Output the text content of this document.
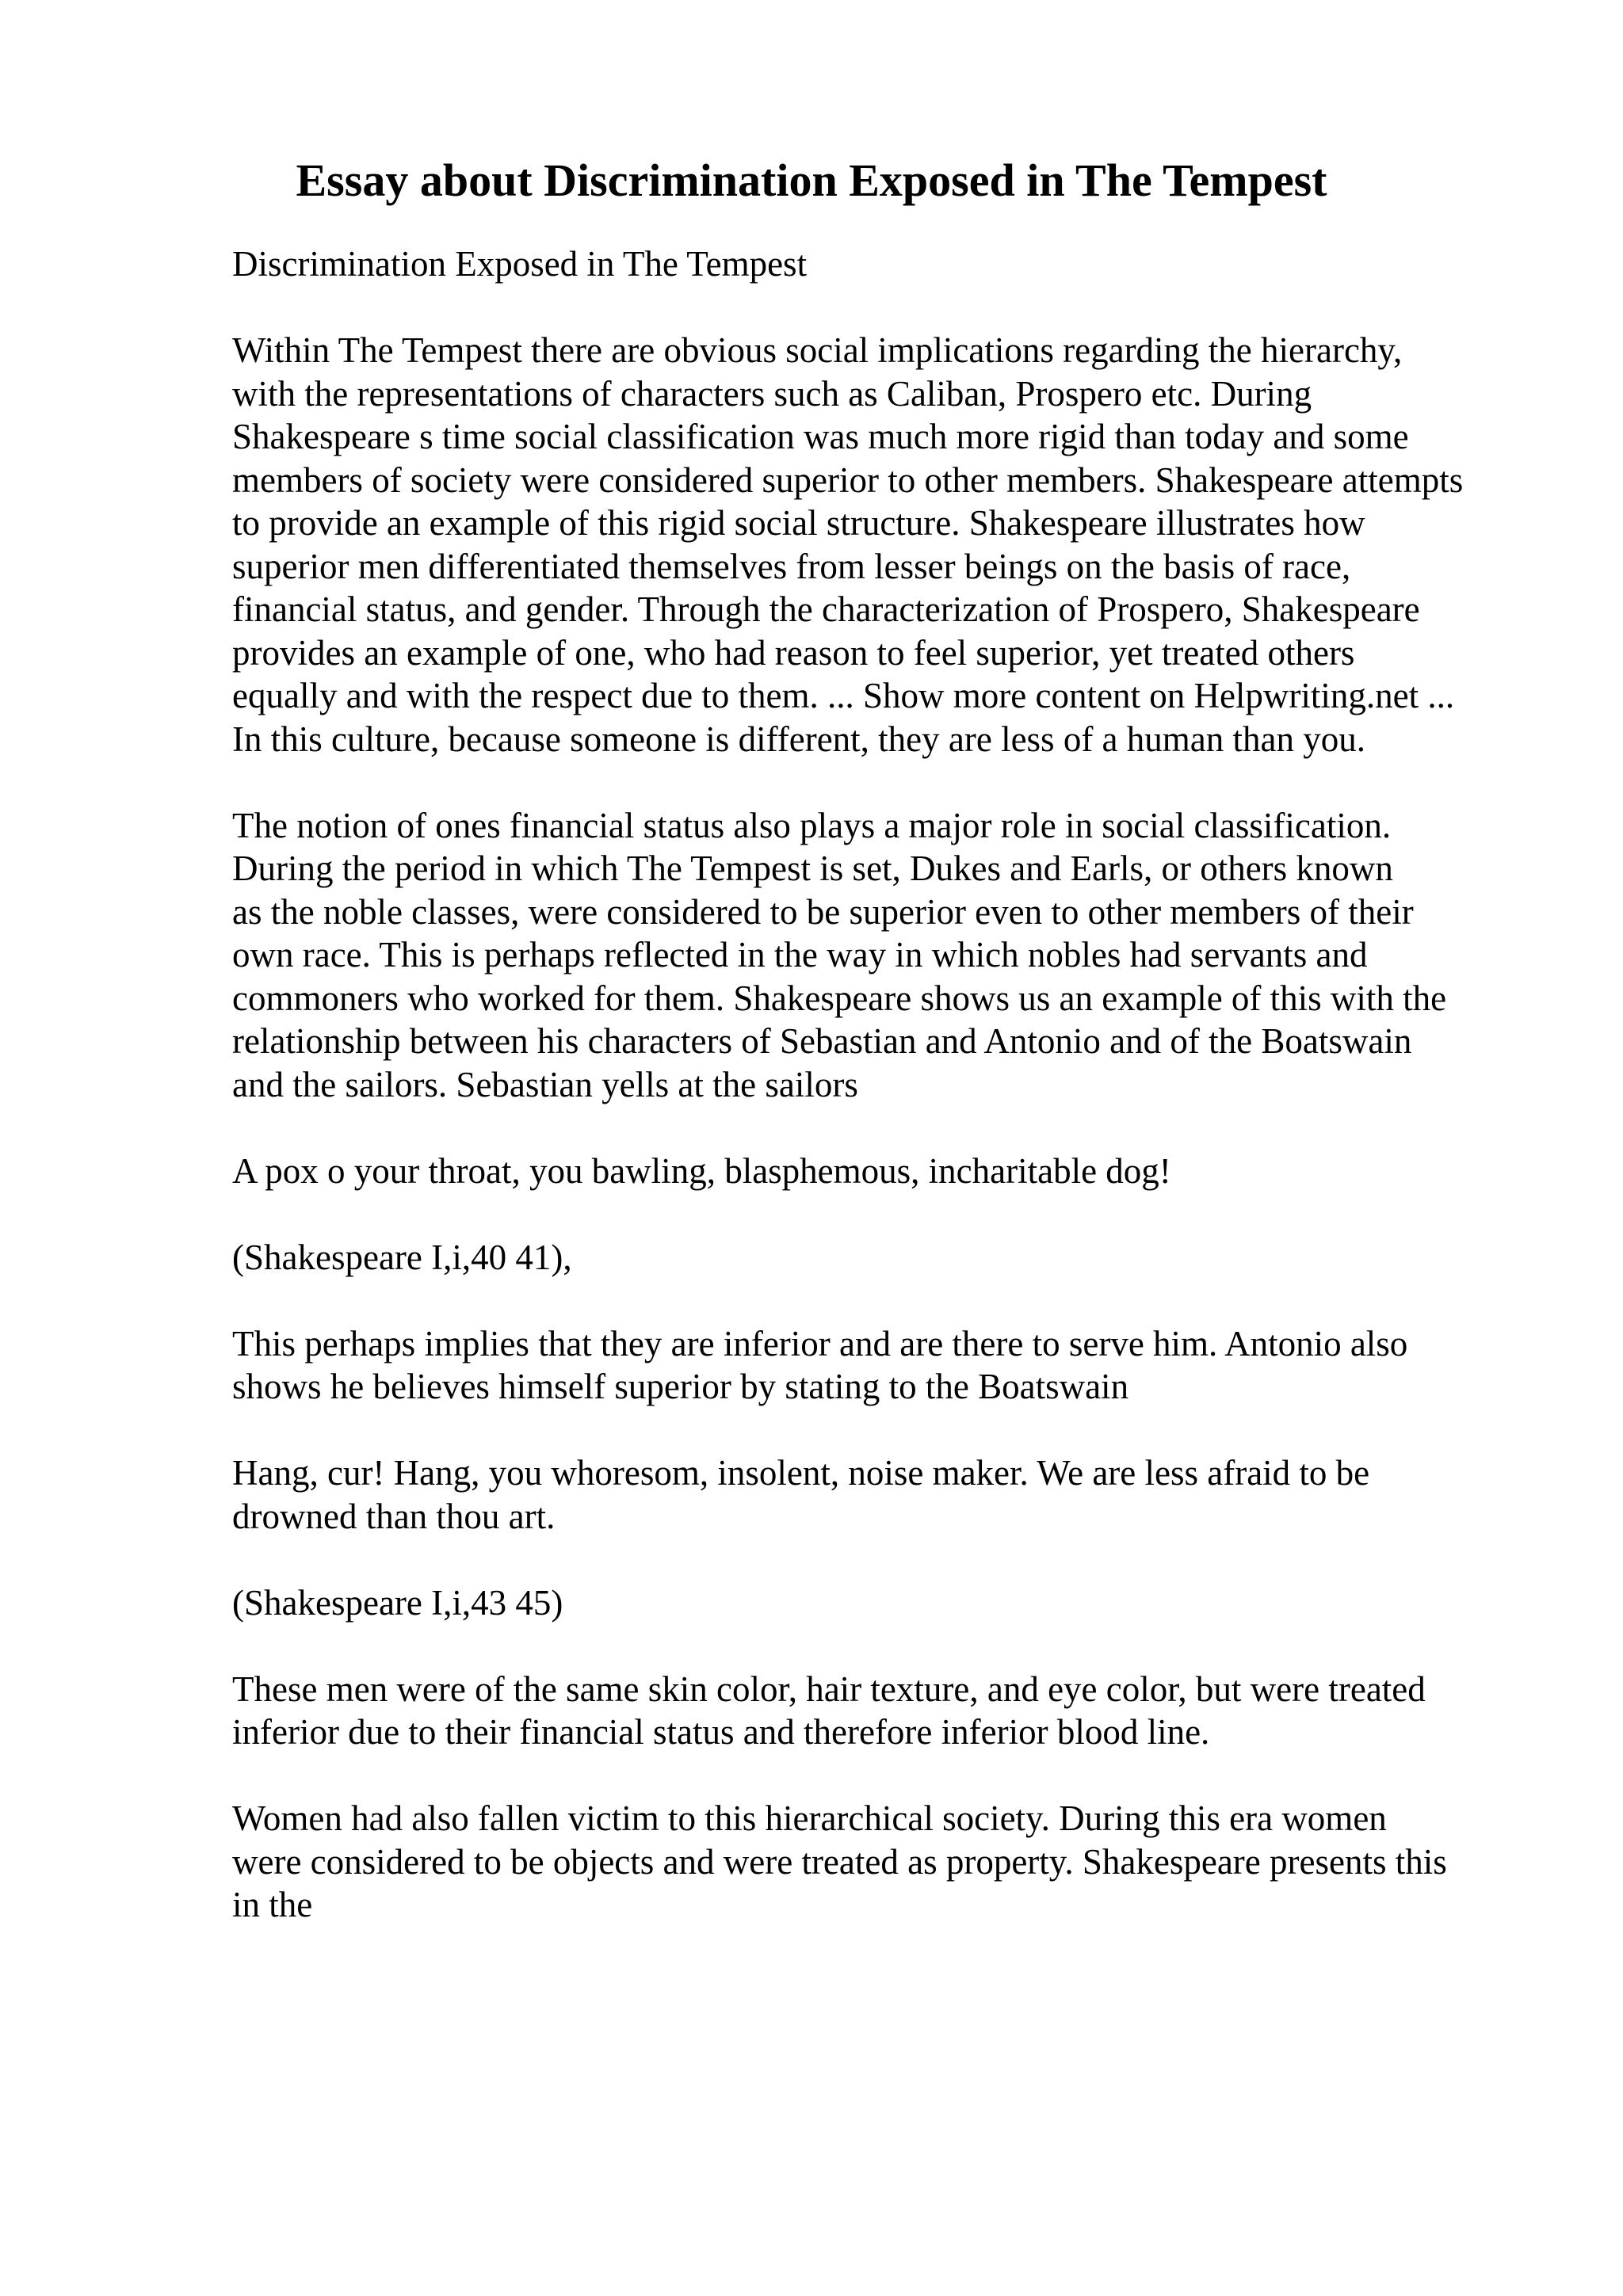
Essay about Discrimination Exposed in The Tempest

Discrimination Exposed in The Tempest

Within The Tempest there are obvious social implications regarding the hierarchy,
with the representations of characters such as Caliban, Prospero etc. During
Shakespeare s time social classification was much more rigid than today and some
members of society were considered superior to other members. Shakespeare attempts
to provide an example of this rigid social structure. Shakespeare illustrates how
superior men differentiated themselves from lesser beings on the basis of race,
financial status, and gender. Through the characterization of Prospero, Shakespeare
provides an example of one, who had reason to feel superior, yet treated others
equally and with the respect due to them. ... Show more content on Helpwriting.net ...
In this culture, because someone is different, they are less of a human than you.

The notion of ones financial status also plays a major role in social classification.
During the period in which The Tempest is set, Dukes and Earls, or others known
as the noble classes, were considered to be superior even to other members of their
own race. This is perhaps reflected in the way in which nobles had servants and
commoners who worked for them. Shakespeare shows us an example of this with the
relationship between his characters of Sebastian and Antonio and of the Boatswain
and the sailors. Sebastian yells at the sailors

A pox o your throat, you bawling, blasphemous, incharitable dog!

(Shakespeare I,i,40 41),

This perhaps implies that they are inferior and are there to serve him. Antonio also
shows he believes himself superior by stating to the Boatswain

Hang, cur! Hang, you whoresom, insolent, noise maker. We are less afraid to be
drowned than thou art.

(Shakespeare I,i,43 45)

These men were of the same skin color, hair texture, and eye color, but were treated
inferior due to their financial status and therefore inferior blood line.

Women had also fallen victim to this hierarchical society. During this era women
were considered to be objects and were treated as property. Shakespeare presents this
in the
